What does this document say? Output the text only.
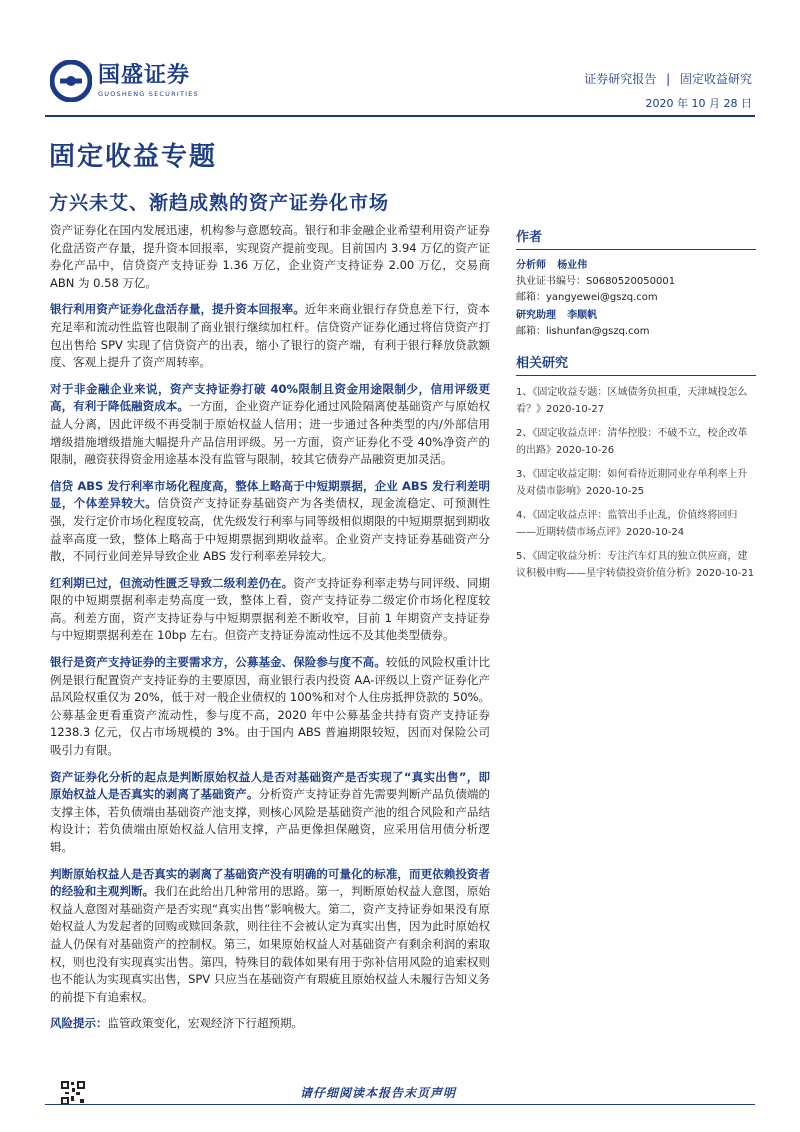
国盛证券
GUOSHENG SECURITIES
证券研究报告 | 固定收益研究
2020 年 10 月 28 日
固定收益专题
方兴未艾、渐趋成熟的资产证券化市场

资产证券化在国内发展迅速，机构参与意愿较高。银行和非金融企业希望利用资产证券化盘活资产存量，提升资本回报率，实现资产提前变现。目前国内 3.94 万亿的资产证券化产品中，信贷资产支持证券 1.36 万亿，企业资产支持证券 2.00 万亿，交易商 ABN 为 0.58 万亿。

银行利用资产证券化盘活存量，提升资本回报率。近年来商业银行存贷息差下行，资本充足率和流动性监管也限制了商业银行继续加杠杆。信贷资产证券化通过将信贷资产打包出售给 SPV 实现了信贷资产的出表，缩小了银行的资产端，有利于银行释放贷款额度、客观上提升了资产周转率。

对于非金融企业来说，资产支持证券打破 40%限制且资金用途限制少，信用评级更高，有利于降低融资成本。一方面，企业资产证券化通过风险隔离使基础资产与原始权益人分离，因此评级不再受制于原始权益人信用；进一步通过各种类型的内/外部信用增级措施增级措施大幅提升产品信用评级。另一方面，资产证券化不受 40%净资产的限制，融资获得资金用途基本没有监管与限制，较其它债券产品融资更加灵活。

信贷 ABS 发行利率市场化程度高，整体上略高于中短期票据，企业 ABS 发行利差明显，个体差异较大。信贷资产支持证券基础资产为各类债权，现金流稳定、可预测性强，发行定价市场化程度较高，优先级发行利率与同等级相似期限的中短期票据到期收益率高度一致，整体上略高于中短期票据到期收益率。企业资产支持证券基础资产分散，不同行业间差异导致企业 ABS 发行利率差异较大。

红利期已过，但流动性匮乏导致二级利差仍在。资产支持证券利率走势与同评级、同期限的中短期票据利率走势高度一致，整体上看，资产支持证券二级定价市场化程度较高。利差方面，资产支持证券与中短期票据利差不断收窄，目前 1 年期资产支持证券与中短期票据利差在 10bp 左右。但资产支持证券流动性远不及其他类型债券。

银行是资产支持证券的主要需求方，公募基金、保险参与度不高。较低的风险权重计比例是银行配置资产支持证券的主要原因，商业银行表内投资 AA-评级以上资产证券化产品风险权重仅为 20%，低于对一般企业债权的 100%和对个人住房抵押贷款的 50%。公募基金更看重资产流动性，参与度不高，2020 年中公募基金共持有资产支持证券 1238.3 亿元，仅占市场规模的 3%。由于国内 ABS 普遍期限较短，因而对保险公司吸引力有限。

资产证券化分析的起点是判断原始权益人是否对基础资产是否实现了“真实出售”，即原始权益人是否真实的剥离了基础资产。分析资产支持证券首先需要判断产品负债端的支撑主体，若负债端由基础资产池支撑，则核心风险是基础资产池的组合风险和产品结构设计；若负债端由原始权益人信用支撑，产品更像担保融资，应采用信用债分析逻辑。

判断原始权益人是否真实的剥离了基础资产没有明确的可量化的标准，而更依赖投资者的经验和主观判断。我们在此给出几种常用的思路。第一，判断原始权益人意图，原始权益人意图对基础资产是否实现“真实出售”影响极大。第二，资产支持证券如果没有原始权益人为发起者的回购或赎回条款，则往往不会被认定为真实出售，因为此时原始权益人仍保有对基础资产的控制权。第三，如果原始权益人对基础资产有剩余利润的索取权，则也没有实现真实出售。第四，特殊目的载体如果有用于弥补信用风险的追索权则也不能认为实现真实出售，SPV 只应当在基础资产有瑕疵且原始权益人未履行告知义务的前提下有追索权。

风险提示：监管政策变化，宏观经济下行超预期。

作者
分析师 杨业伟
执业证书编号：S0680520050001
邮箱：yangyewei@gszq.com
研究助理 李顺帆
邮箱：lishunfan@gszq.com
相关研究
1、《固定收益专题：区域债务负担重，天津城投怎么看？》2020-10-27
2、《固定收益点评：清华控股：不破不立，校企改革的出路》2020-10-26
3、《固定收益定期：如何看待近期同业存单利率上升及对债市影响》2020-10-25
4、《固定收益点评：监管出手止乱，价值终将回归——近期转债市场点评》2020-10-24
5、《固定收益分析：专注汽车灯具的独立供应商，建议积极申购——星宇转债投资价值分析》2020-10-21
请仔细阅读本报告末页声明
